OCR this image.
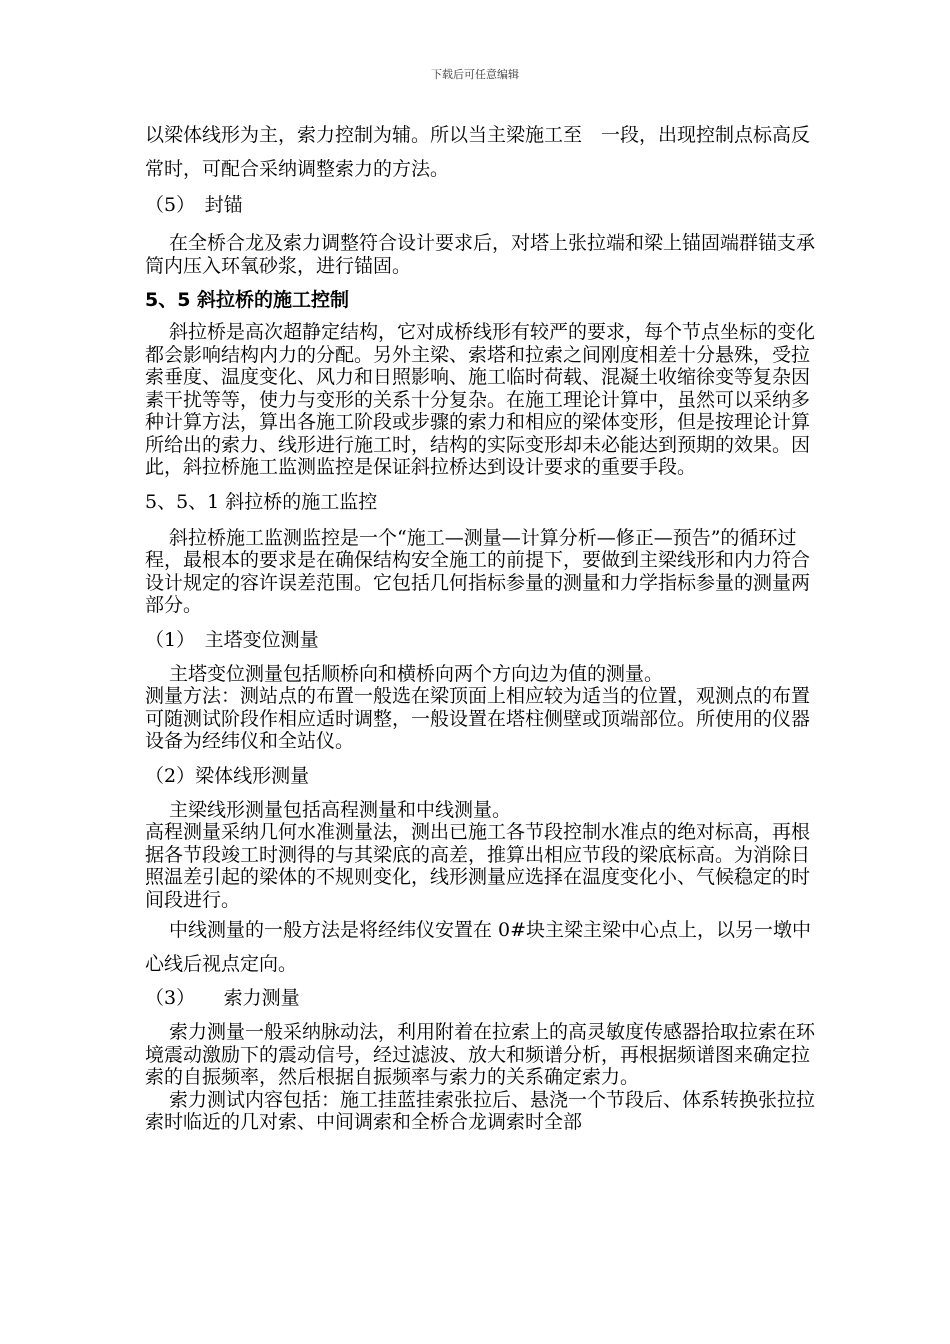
下载后可任意编辑

以梁体线形为主，索力控制为辅。所以当主梁施工至　一段，出现控制点标高反常时，可配合采纳调整索力的方法。

（5）　封锚

在全桥合龙及索力调整符合设计要求后，对塔上张拉端和梁上锚固端群锚支承筒内压入环氧砂浆，进行锚固。

5、5 斜拉桥的施工控制

斜拉桥是高次超静定结构，它对成桥线形有较严的要求，每个节点坐标的变化都会影响结构内力的分配。另外主梁、索塔和拉索之间刚度相差十分悬殊，受拉索垂度、温度变化、风力和日照影响、施工临时荷载、混凝土收缩徐变等复杂因素干扰等等，使力与变形的关系十分复杂。在施工理论计算中，虽然可以采纳多种计算方法，算出各施工阶段或步骤的索力和相应的梁体变形，但是按理论计算所给出的索力、线形进行施工时，结构的实际变形却未必能达到预期的效果。因此，斜拉桥施工监测监控是保证斜拉桥达到设计要求的重要手段。

5、5、1 斜拉桥的施工监控

斜拉桥施工监测监控是一个“施工—测量—计算分析—修正—预告”的循环过程，最根本的要求是在确保结构安全施工的前提下，要做到主梁线形和内力符合设计规定的容许误差范围。它包括几何指标参量的测量和力学指标参量的测量两部分。

（1）　主塔变位测量

主塔变位测量包括顺桥向和横桥向两个方向边为值的测量。

测量方法：测站点的布置一般选在梁顶面上相应较为适当的位置，观测点的布置可随测试阶段作相应适时调整，一般设置在塔柱侧壁或顶端部位。所使用的仪器设备为经纬仪和全站仪。

（2）梁体线形测量

主梁线形测量包括高程测量和中线测量。

高程测量采纳几何水准测量法，测出已施工各节段控制水准点的绝对标高，再根据各节段竣工时测得的与其梁底的高差，推算出相应节段的梁底标高。为消除日照温差引起的梁体的不规则变化，线形测量应选择在温度变化小、气候稳定的时间段进行。

中线测量的一般方法是将经纬仪安置在 0#块主梁主梁中心点上，以另一墩中心线后视点定向。

（3）　　索力测量

索力测量一般采纳脉动法，利用附着在拉索上的高灵敏度传感器拾取拉索在环境震动激励下的震动信号，经过滤波、放大和频谱分析，再根据频谱图来确定拉索的自振频率，然后根据自振频率与索力的关系确定索力。

索力测试内容包括：施工挂蓝挂索张拉后、悬浇一个节段后、体系转换张拉拉索时临近的几对索、中间调索和全桥合龙调索时全部
